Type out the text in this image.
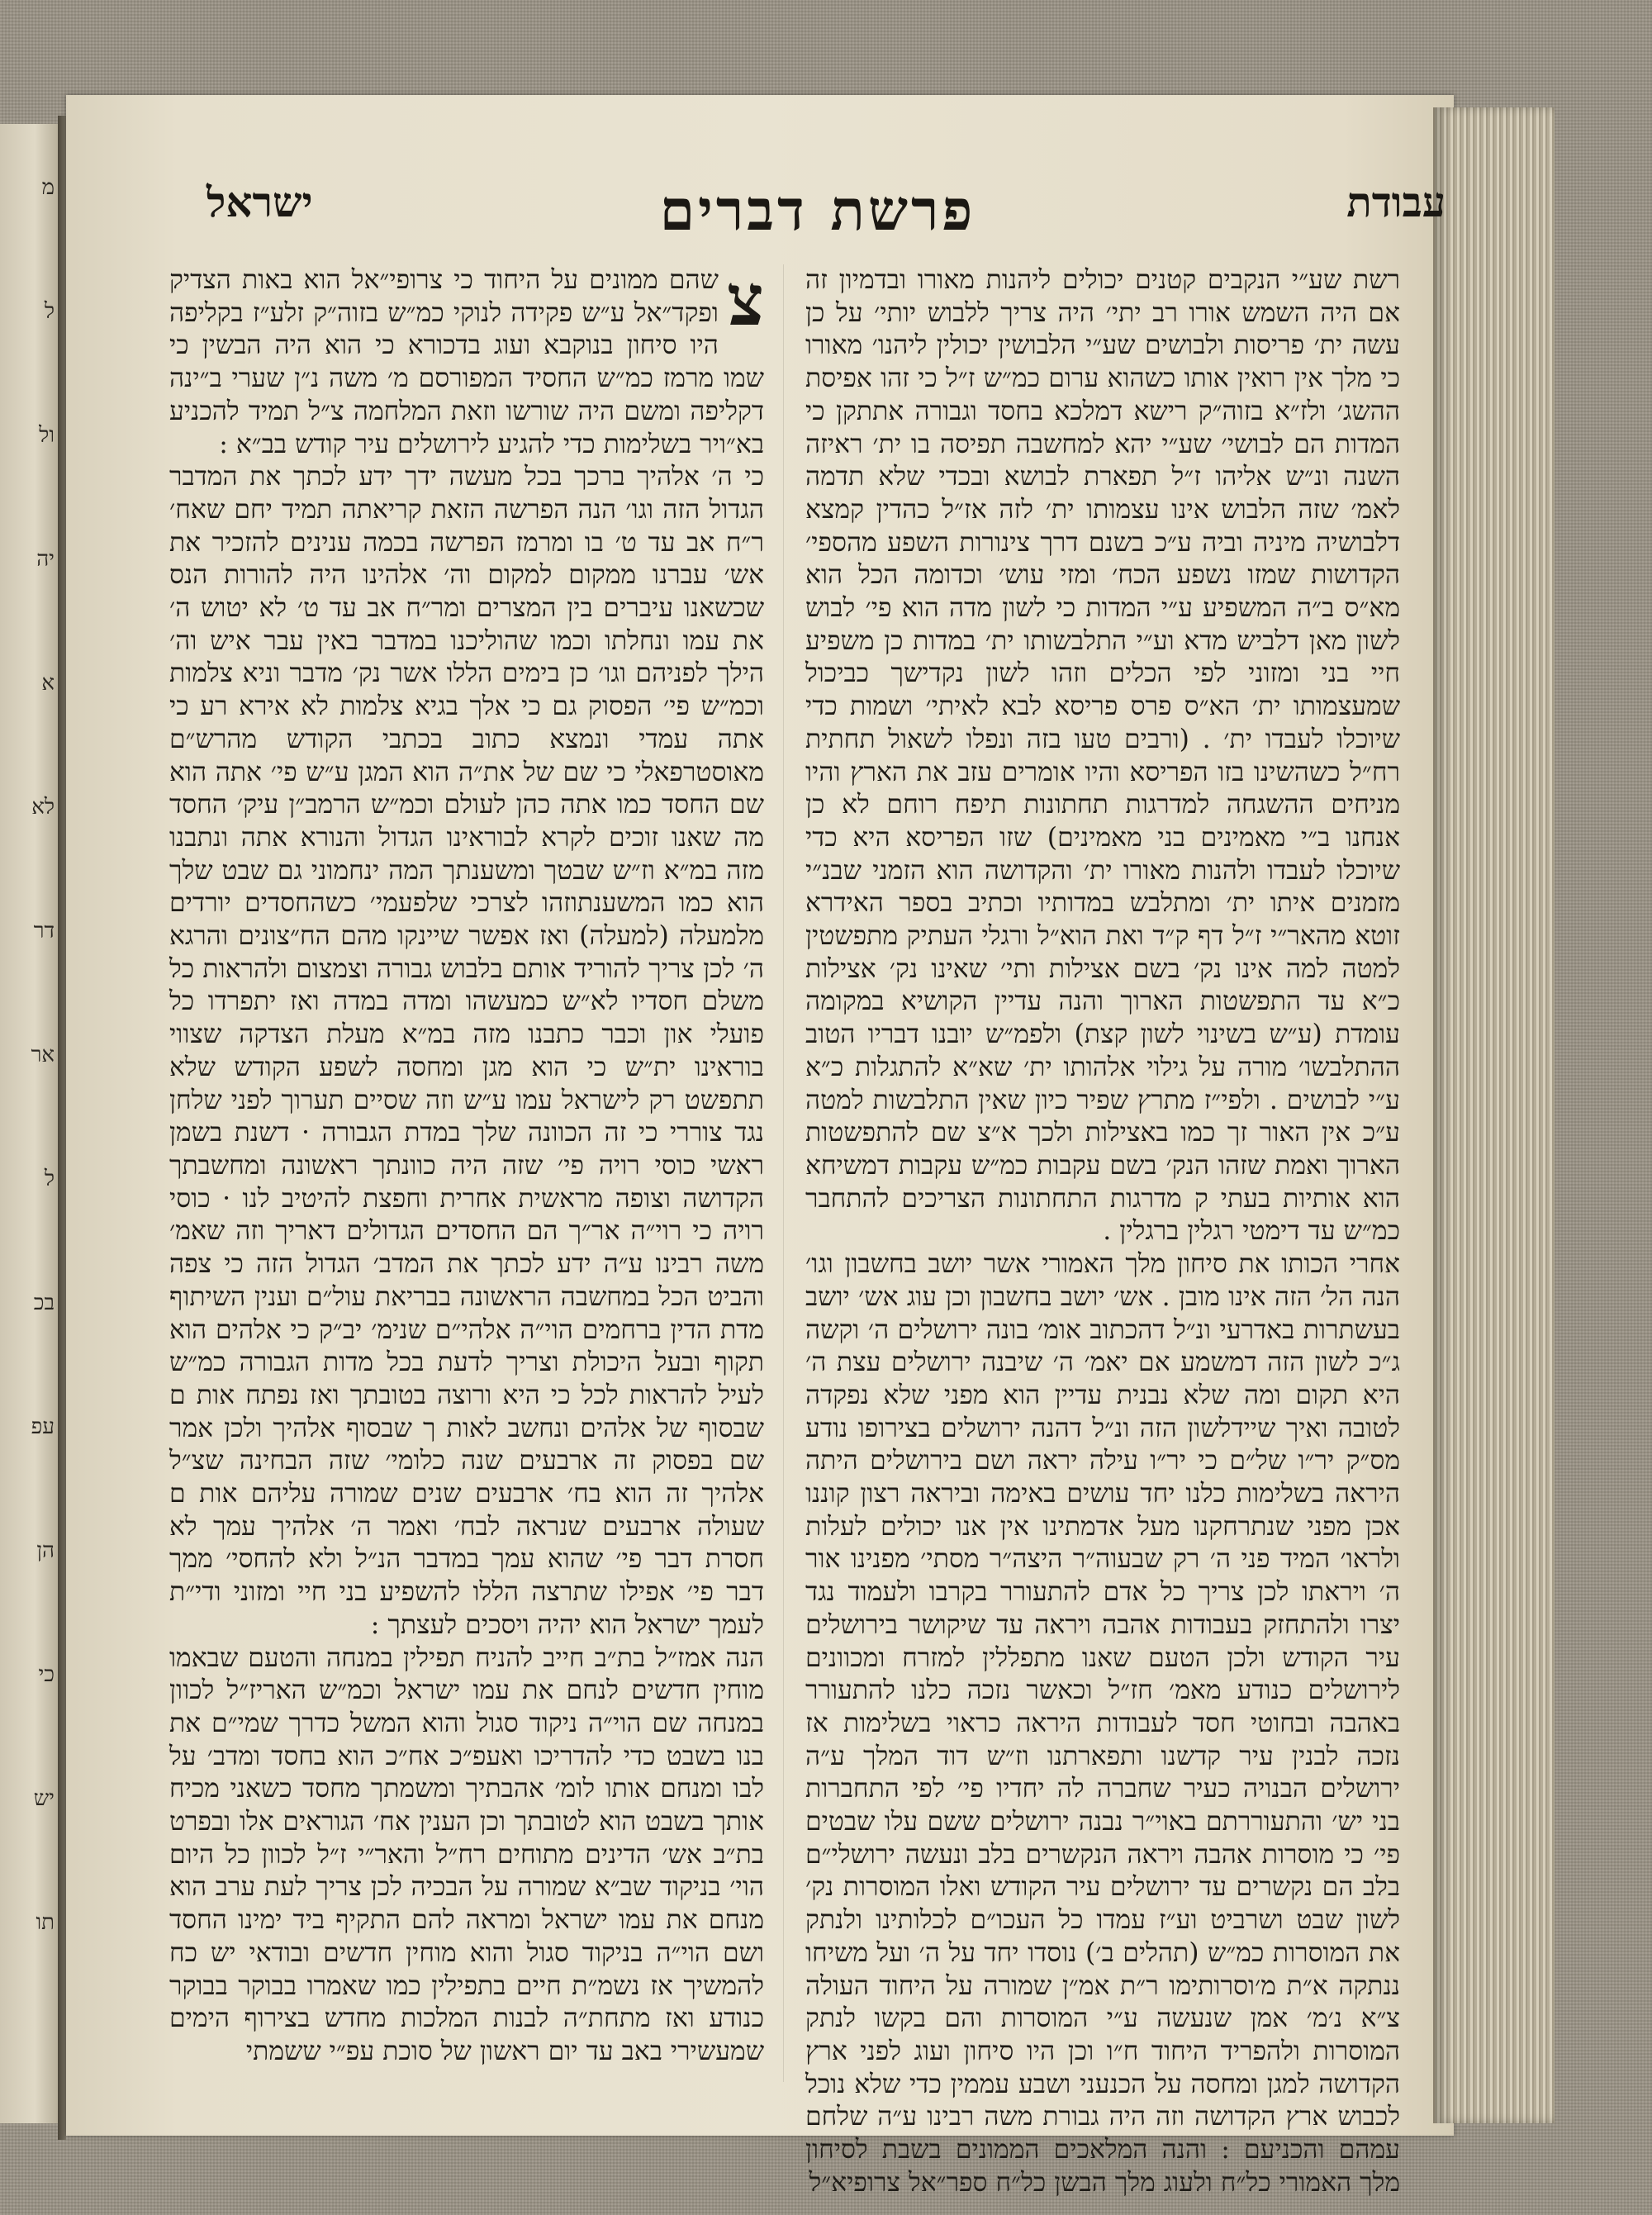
מ
ל
ול
יה
א
לא
דר
אר
ל
בכ
עפ
הן
כי
יש
תו
עבודת
פרשת דברים
ישראל

רשת שע״י הנקבים קטנים יכולים ליהנות מאורו ובדמיון זה אם היה השמש אורו רב יתי׳ היה צריך ללבוש יותי׳ על כן עשה ית׳ פריסות ולבושים שע״י הלבושין יכולין ליהנו׳ מאורו כי מלך אין רואין אותו כשהוא ערום כמ״ש ז״ל כי זהו אפיסת ההשג׳ ולז״א בזוה״ק רישא דמלכא בחסד וגבורה אתתקן כי המדות הם לבושי׳ שע״י יהא למחשבה תפיסה בו ית׳ ראיזה השנה ונ״ש אליהו ז״ל תפארת לבושא ובכדי שלא תדמה לאמ׳ שזה הלבוש אינו עצמותו ית׳ לזה אז״ל כהדין קמצא דלבושיה מיניה וביה ע״כ בשנם דרך צינורות השפע מהספי׳ הקדושות שמזו נשפע הכח׳ ומזי עוש׳ וכדומה הכל הוא מא״ס ב״ה המשפיע ע״י המדות כי לשון מדה הוא פי׳ לבוש לשון מאן דלביש מדא וע״י התלבשותו ית׳ במדות כן משפיע חיי בני ומזוני לפי הכלים וזהו לשון נקדישך כביכול שמעצמותו ית׳ הא״ס פרס פריסא לבא לאיתי׳ ושמות כדי שיוכלו לעבדו ית׳ . (ורבים טעו בזה ונפלו לשאול תחתית רח״ל כשהשינו בזו הפריסא והיו אומרים עזב את הארץ והיו מניחים ההשגחה למדרגות תחתונות תיפח רוחם לא כן אנחנו ב״י מאמינים בני מאמינים) שזו הפריסא היא כדי שיוכלו לעבדו ולהנות מאורו ית׳ והקדושה הוא הזמני שבנ״י מזמנים איתו ית׳ ומתלבש במדותיו וכתיב בספר האידרא זוטא מהאר״י ז״ל דף ק״ד ואת הוא״ל ורגלי העתיק מתפשטין למטה למה אינו נק׳ בשם אצילות ותי׳ שאינו נק׳ אצילות כ״א עד התפשטות הארוך והנה עדיין הקושיא במקומה עומדת (ע״ש בשינוי לשון קצת) ולפמ״ש יובנו דבריו הטוב ההתלבשו׳ מורה על גילוי אלהותו ית׳ שא״א להתגלות כ״א ע״י לבושים . ולפי״ז מתרץ שפיר כיון שאין התלבשות למטה ע״כ אין האור זך כמו באצילות ולכך א״צ שם להתפשטות הארוך ואמת שזהו הנק׳ בשם עקבות כמ״ש עקבות דמשיחא הוא אותיות בעתי ק מדרגות התחתונות הצריכים להתחבר כמ״ש עד דימטי רגלין ברגלין .

אחרי הכותו את סיחון מלך האמורי אשר יושב בחשבון וגו׳ הנה הל׳ הזה אינו מובן . אש׳ יושב בחשבון וכן עוג אש׳ יושב בעשתרות באדרעי ונ״ל דהכתוב אומ׳ בונה ירושלים ה׳ וקשה ג״כ לשון הזה דמשמע אם יאמ׳ ה׳ שיבנה ירושלים עצת ה׳ היא תקום ומה שלא נבנית עדיין הוא מפני שלא נפקדה לטובה ואיך שיידלשון הזה ונ״ל דהנה ירושלים בצירופו נודע מס״ק יר״ו של״ם כי יר״ו עילה יראה ושם בירושלים היתה היראה בשלימות כלנו יחד עושים באימה וביראה רצון קוננו אכן מפני שנתרחקנו מעל אדמתינו אין אנו יכולים לעלות ולראו׳ המיד פני ה׳ רק שבעוה״ר היצה״ר מסתי׳ מפנינו אור ה׳ ויראתו לכן צריך כל אדם להתעורר בקרבו ולעמוד נגד יצרו ולהתחזק בעבודות אהבה ויראה עד שיקושר בירושלים עיר הקודש ולכן הטעם שאנו מתפללין למזרח ומכוונים לירושלים כנודע מאמ׳ חז״ל וכאשר נזכה כלנו להתעורר באהבה ובחוטי חסד לעבודות היראה כראוי בשלימות אז נזכה לבנין עיר קדשנו ותפארתנו וז״ש דוד המלך ע״ה ירושלים הבנויה כעיר שחברה לה יחדיו פי׳ לפי התחברות בני יש׳ והתעוררתם באוי״ר נבנה ירושלים ששם עלו שבטים פי׳ כי מוסרות אהבה ויראה הנקשרים בלב ונעשה ירושלי״ם בלב הם נקשרים עד ירושלים עיר הקודש ואלו המוסרות נק׳ לשון שבט ושרביט וע״ז עמדו כל העכו״ם לכלותינו ולנתק את המוסרות כמ״ש (תהלים ב׳) נוסדו יחד על ה׳ ועל משיחו ננתקה א״ת מ׳וסרותימו ר״ת אמ״ן שמורה על היחוד העולה צ״א נ׳מ׳ אמן שנעשה ע״י המוסרות והם בקשו לנתק המוסרות ולהפריד היחוד ח״ו וכן היו סיחון ועוג לפני ארץ הקדושה למגן ומחסה על הכנעני ושבע עממין כדי שלא נוכל לכבוש ארץ הקדושה וזה היה גבורת משה רבינו ע״ה שלחם עמהם והכניעם : והנה המלאכים הממונים בשבת לסיחון מלך האמורי כל״ח ולעוג מלך הבשן כל״ח ספר״אל צרופיא״ל

צ

שהם ממונים על היחוד כי צרופי״אל הוא באות הצדיק ופקד״אל ע״ש פקידה לנוקי כמ״ש בזוה״ק זלע״ז בקליפה היו סיחון בנוקבא ועוג בדכורא כי הוא היה הבשין כי שמו מרמז כמ״ש החסיד המפורסם מ׳ משה נ״ן שערי ב״ינה דקליפה ומשם היה שורשו וזאת המלחמה צ״ל תמיד להכניע בא״ויר בשלימות כדי להגיע לירושלים עיר קודש בב״א :

כי ה׳ אלהיך ברכך בכל מעשה ידך ידע לכתך את המדבר הגדול הזה וגו׳ הנה הפרשה הזאת קריאתה תמיד יחם שאח׳ ר״ח אב עד ט׳ בו ומרמז הפרשה בכמה ענינים להזכיר את אש׳ עברנו ממקום למקום וה׳ אלהינו היה להורות הנס שכשאנו עיברים בין המצרים ומר״ח אב עד ט׳ לא יטוש ה׳ את עמו ונחלתו וכמו שהוליכנו במדבר באין עבר איש וה׳ הילך לפניהם וגו׳ כן בימים הללו אשר נק׳ מדבר וניא צלמות וכמ״ש פי׳ הפסוק גם כי אלך בגיא צלמות לא אירא רע כי אתה עמדי ונמצא כתוב בכתבי הקודש מהרש״ם מאוסטרפאלי כי שם של את״ה הוא המגן ע״ש פי׳ אתה הוא שם החסד כמו אתה כהן לעולם וכמ״ש הרמב״ן עיק׳ החסד מה שאנו זוכים לקרא לבוראינו הגדול והנורא אתה ונתבנו מזה במ״א וז״ש שבטך ומשענתך המה ינחמוני גם שבט שלך הוא כמו המשענתוזהו לצרכי שלפעמי׳ כשהחסדים יורדים מלמעלה (למעלה) ואז אפשר שיינקו מהם הח״צונים והרגא ה׳ לכן צריך להוריד אותם בלבוש גבורה וצמצום ולהראות כל משלם חסדיו לא״ש כמעשהו ומדה במדה ואז יתפרדו כל פועלי און וכבר כתבנו מזה במ״א מעלת הצדקה שצווי בוראינו ית״ש כי הוא מגן ומחסה לשפע הקודש שלא תתפשט רק לישראל עמו ע״ש וזה שסיים תערוך לפני שלחן נגד צוררי כי זה הכוונה שלך במדת הגבורה · דשנת בשמן ראשי כוסי רויה פי׳ שזה היה כוונתך ראשונה ומחשבתך הקדושה וצופה מראשית אחרית וחפצת להיטיב לנו · כוסי רויה כי רוי״ה אר״ך הם החסדים הגדולים דאריך וזה שאמ׳ משה רבינו ע״ה ידע לכתך את המדב׳ הגדול הזה כי צפה והביט הכל במחשבה הראשונה בבריאת עול״ם וענין השיתוף מדת הדין ברחמים הוי״ה אלהי״ם שנימ׳ יב״ק כי אלהים הוא תקוף ובעל היכולת וצריך לדעת בכל מדות הגבורה כמ״ש לעיל להראות לכל כי היא ורוצה בטובתך ואז נפתח אות ם שבסוף של אלהים ונחשב לאות ך שבסוף אלהיך ולכן אמר שם בפסוק זה ארבעים שנה כלומי׳ שזה הבחינה שצ״ל אלהיך זה הוא בח׳ ארבעים שנים שמורה עליהם אות ם שעולה ארבעים שנראה לבח׳ ואמר ה׳ אלהיך עמך לא חסרת דבר פי׳ שהוא עמך במדבר הנ״ל ולא להחסי׳ ממך דבר פי׳ אפילו שתרצה הללו להשפיע בני חיי ומזוני ודי״ת לעמך ישראל הוא יהיה ויסכים לעצתך :

הנה אמז״ל בת״ב חייב להניח תפילין במנחה והטעם שבאמו מוחין חדשים לנחם את עמו ישראל וכמ״ש האריז״ל לכוון במנחה שם הוי״ה ניקוד סגול והוא המשל כדרך שמי״ם את בנו בשבט כדי להדריכו ואעפ״כ אח״כ הוא בחסד ומדב׳ על לבו ומנחם אותו לומ׳ אהבתיך ומשמתך מחסד כשאני מכיח אותך בשבט הוא לטובתך וכן הענין אח׳ הגוראים אלו ובפרט בת״ב אש׳ הדינים מתוחים רח״ל והאר״י ז״ל לכוון כל היום הוי׳ בניקוד שב״א שמורה על הבכיה לכן צריך לעת ערב הוא מנחם את עמו ישראל ומראה להם התקיף ביד ימינו החסד ושם הוי״ה בניקוד סגול והוא מוחין חדשים ובודאי יש כח להמשיך אז נשמ״ת חיים בתפילין כמו שאמרו בבוקר בבוקר כנודע ואז מתחת״ה לבנות המלכות מחדש בצירוף הימים שמעשירי באב עד יום ראשון של סוכת עפ״י ששמתי
